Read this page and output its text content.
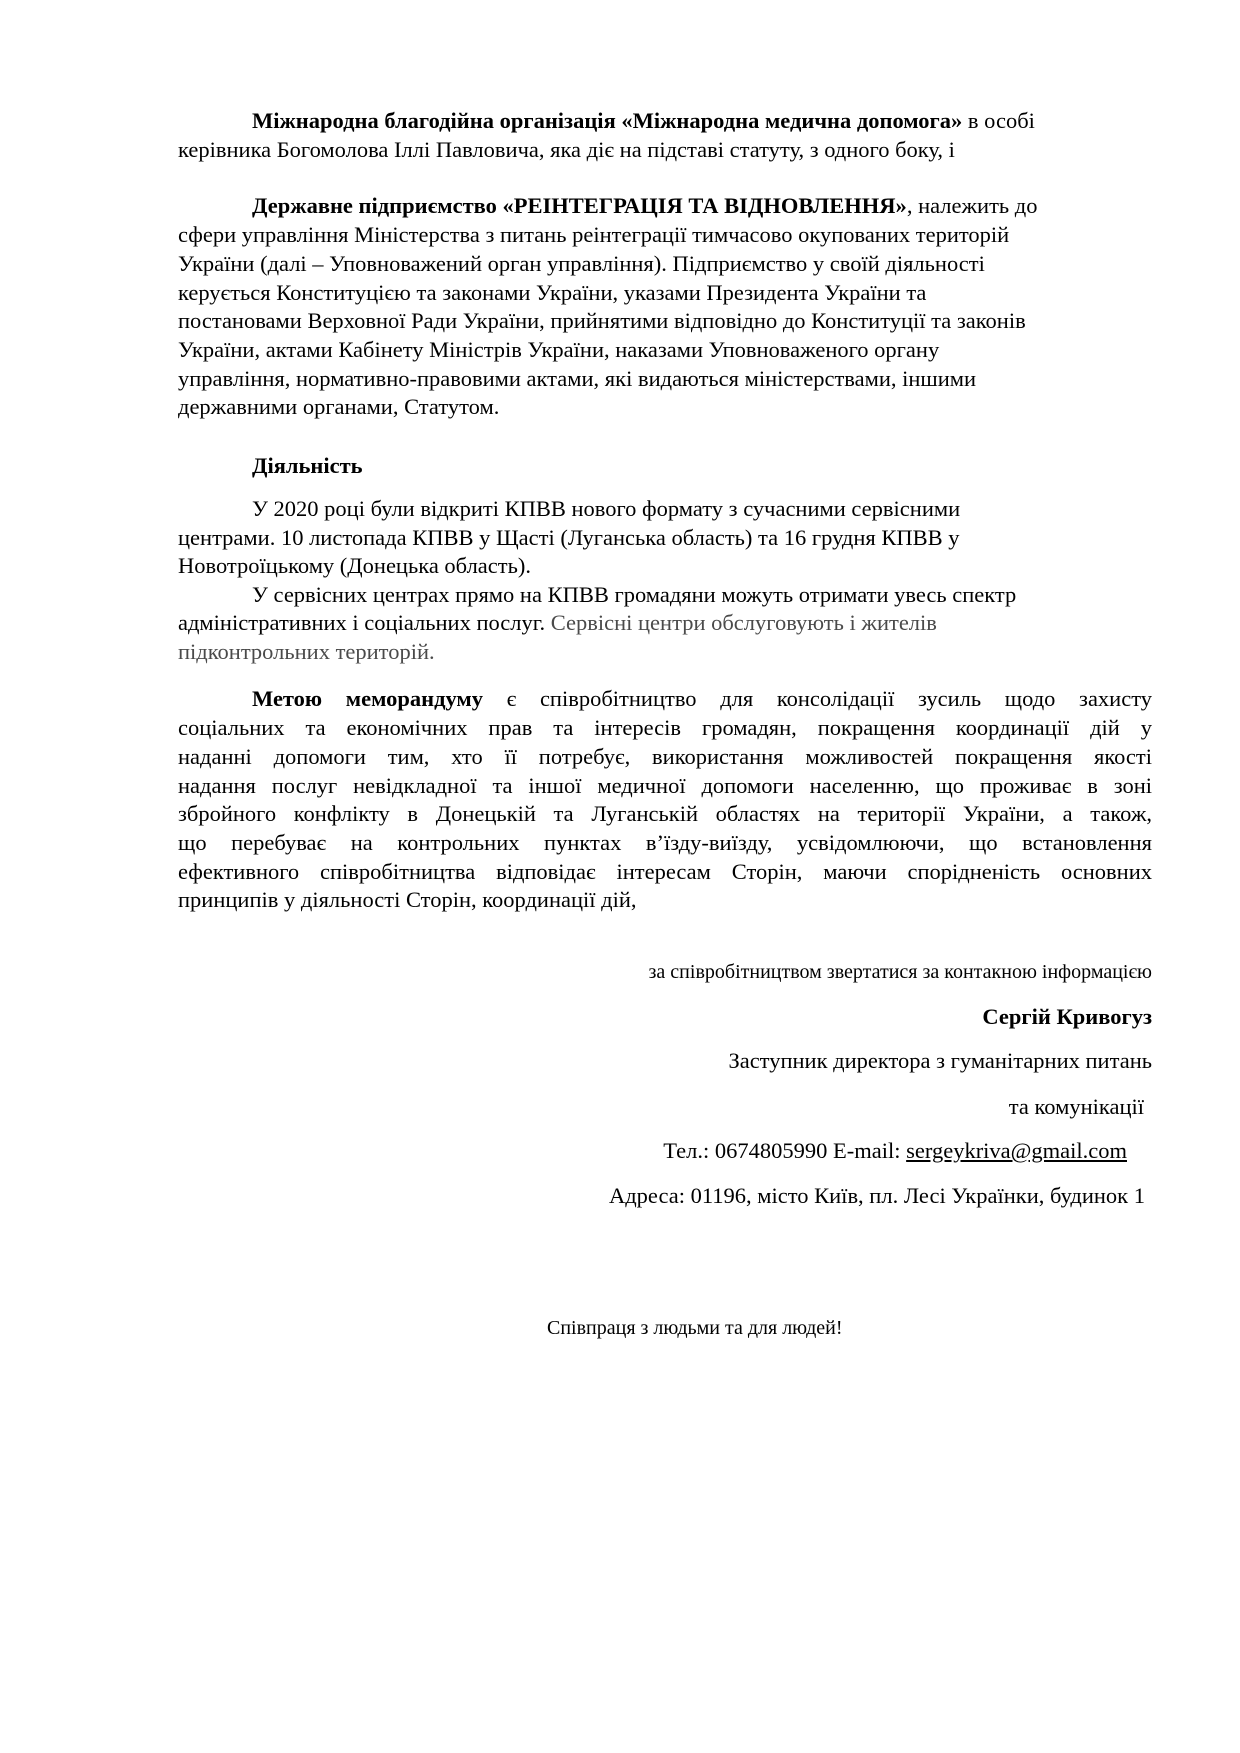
Міжнародна благодійна організація «Міжнародна медична допомога» в особі
керівника Богомолова Іллі Павловича, яка діє на підставі статуту, з одного боку, і
Державне підприємство «РЕІНТЕГРАЦІЯ ТА ВІДНОВЛЕННЯ», належить до
сфери управління Міністерства з питань реінтеграції тимчасово окупованих територій
України (далі – Уповноважений орган управління). Підприємство у своїй діяльності
керується Конституцією та законами України, указами Президента України та
постановами Верховної Ради України, прийнятими відповідно до Конституції та законів
України, актами Кабінету Міністрів України, наказами Уповноваженого органу
управління, нормативно-правовими актами, які видаються міністерствами, іншими
державними органами, Статутом.
Діяльність
У 2020 році були відкриті КПВВ нового формату з сучасними сервісними
центрами. 10 листопада КПВВ у Щасті (Луганська область) та 16 грудня КПВВ у
Новотроїцькому (Донецька область).
У сервісних центрах прямо на КПВВ громадяни можуть отримати увесь спектр
адміністративних і соціальних послуг. Сервісні центри обслуговують і жителів
підконтрольних територій.
Метою меморандуму є співробітництво для консолідації зусиль щодо захисту
соціальних та економічних прав та інтересів громадян, покращення координації дій у
наданні допомоги тим, хто її потребує, використання можливостей покращення якості
надання послуг невідкладної та іншої медичної допомоги населенню, що проживає в зоні
збройного конфлікту в Донецькій та Луганській областях на території України, а також,
що перебуває на контрольних пунктах в’їзду-виїзду, усвідомлюючи, що встановлення
ефективного співробітництва відповідає інтересам Сторін, маючи спорідненість основних
принципів у діяльності Сторін, координації дій,
за співробітництвом звертатися за контакною інформацією
Сергій Кривогуз
Заступник директора з гуманітарних питань
та комунікації
Тел.: 0674805990 E-mail: sergeykriva@gmail.com
Адреса: 01196, місто Київ, пл. Лесі Українки, будинок 1
Співпраця з людьми та для людей!
